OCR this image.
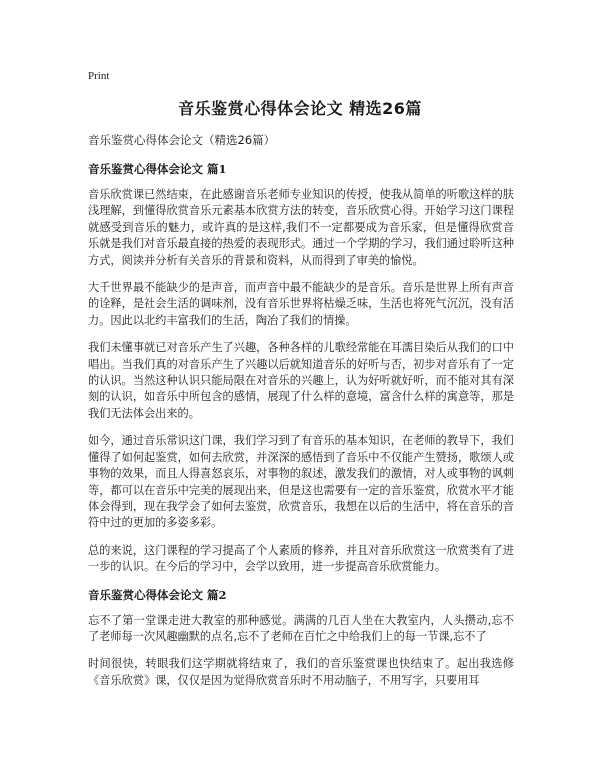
Print
音乐鉴赏心得体会论文 精选26篇

音乐鉴赏心得体会论文（精选26篇）

音乐鉴赏心得体会论文 篇1

音乐欣赏课已然结束，在此感谢音乐老师专业知识的传授，使我从简单的听歌这样的肤浅理解，到懂得欣赏音乐元素基本欣赏方法的转变，音乐欣赏心得。开始学习这门课程就感受到音乐的魅力，或许真的是这样,我们不一定都要成为音乐家，但是懂得欣赏音乐就是我们对音乐最直接的热爱的表现形式。通过一个学期的学习，我们通过聆听这种方式，阅读并分析有关音乐的背景和资料，从而得到了审美的愉悦。

大千世界最不能缺少的是声音，而声音中最不能缺少的是音乐。音乐是世界上所有声音的诠释，是社会生活的调味剂，没有音乐世界将枯燥乏味，生活也将死气沉沉，没有活力。因此以北约丰富我们的生活，陶冶了我们的情操。

我们未懂事就已对音乐产生了兴趣，各种各样的儿歌经常能在耳濡目染后从我们的口中唱出。当我们真的对音乐产生了兴趣以后就知道音乐的好听与否，初步对音乐有了一定的认识。当然这种认识只能局限在对音乐的兴趣上，认为好听就好听，而不能对其有深刻的认识，如音乐中所包含的感情，展现了什么样的意境，富含什么样的寓意等，那是我们无法体会出来的。

如今，通过音乐常识这门课，我们学习到了有音乐的基本知识，在老师的教导下，我们懂得了如何起鉴赏，如何去欣赏，并深深的感悟到了音乐中不仅能产生赞扬，歌颂人或事物的效果，而且人得喜怒哀乐，对事物的叙述，激发我们的激情，对人或事物的讽刺等，都可以在音乐中完美的展现出来，但是这也需要有一定的音乐鉴赏，欣赏水平才能体会得到，现在我学会了如何去鉴赏，欣赏音乐，我想在以后的生活中，将在音乐的音符中过的更加的多姿多彩。

总的来说，这门课程的学习提高了个人素质的修养，并且对音乐欣赏这一欣赏类有了进一步的认识。在今后的学习中，会学以致用，进一步提高音乐欣赏能力。

音乐鉴赏心得体会论文 篇2

忘不了第一堂课走进大教室的那种感觉。满满的几百人坐在大教室内，人头攒动,忘不了老师每一次风趣幽默的点名,忘不了老师在百忙之中给我们上的每一节课,忘不了

时间很快，转眼我们这学期就将结束了，我们的音乐鉴赏课也快结束了。起出我选修《音乐欣赏》课，仅仅是因为觉得欣赏音乐时不用动脑子，不用写字，只要用耳
